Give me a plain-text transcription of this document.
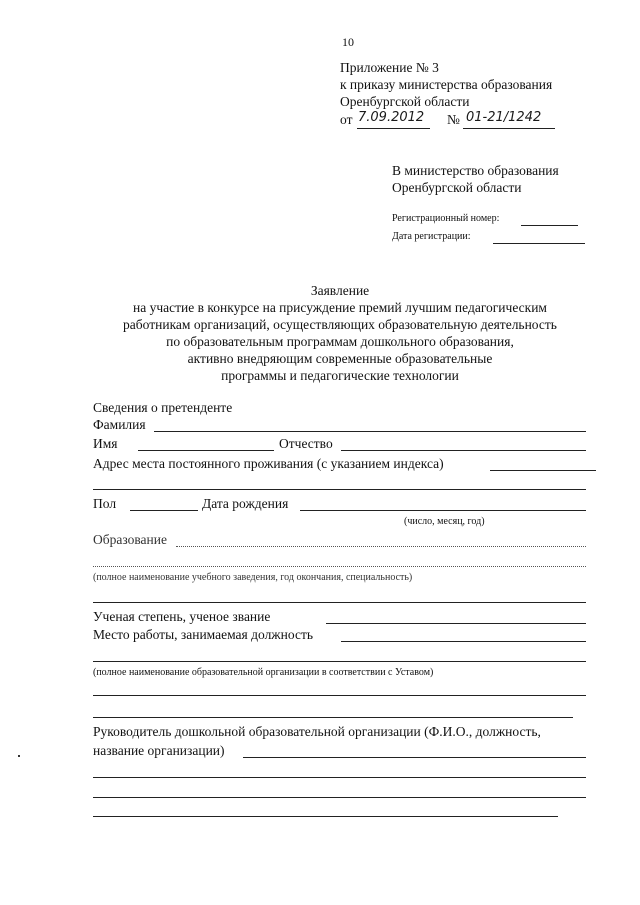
10
Приложение № 3
к приказу министерства образования
Оренбургской области
от 7.09.2012 № 01-21/1242
В министерство образования
Оренбургской области
Регистрационный номер:
Дата регистрации:
Заявление
на участие в конкурсе на присуждение премий лучшим педагогическим
работникам организаций, осуществляющих образовательную деятельность
по образовательным программам дошкольного образования,
активно внедряющим современные образовательные
программы и педагогические технологии
Сведения о претенденте
Фамилия
Имя	Отчество
Адрес места постоянного проживания (с указанием индекса)
Пол	Дата рождения
(число, месяц, год)
Образование
(полное наименование учебного заведения, год окончания, специальность)
Ученая степень, ученое звание
Место работы, занимаемая должность
(полное наименование образовательной организации в соответствии с Уставом)
Руководитель дошкольной образовательной организации (Ф.И.О., должность,
название организации)
